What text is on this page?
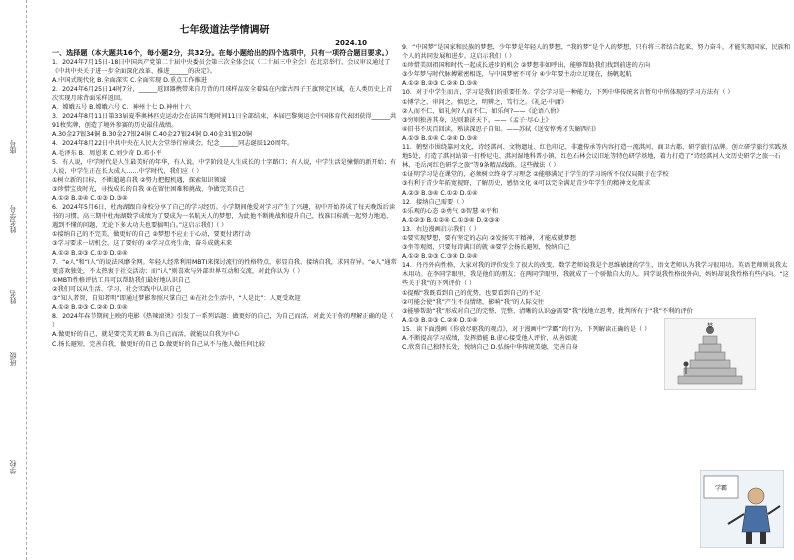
座号
姓名学号
姓名
班级
学校
七年级道法学情调研
2024.10
一、选择题（本大题共16个，每小题2分，共32分。在每小题给出的四个选项中，只有一项符合题目要求。）
1．2024年7月15日-18日中国共产党第二十届中央委员会第三次全体会议（二十届三中全会）在北京举行，会议审议通过了《中共中央关于进一步全面深化改革、推进______的决定》。
A.中国式现代化 B.全面深实 C.全面实现 D.重点工作推进
2．2024年6月25日14时7分，______返回器携带来自月背的月球样品安全着陆在内蒙古四子王旗预定区域，在人类历史上首次实现月球背面采样返回。
A．嫦娥五号 B.嫦娥六号 C．神州十七 D.神州十六
3．2024年8月11日第33届夏季奥林匹克运动会在法国当地时间11日全部结束，本届巴黎奥运会中国体育代表团获得______共91枚奖牌，创造了境外参赛的历史最佳战绩。
A.30金27银34铜 B.30金27银24铜 C.40金27银24铜 D.40金31银20铜
4．2024年8月22日中共中央在人民大会堂举行座谈会，纪念______同志诞辰120周年。
A.毛泽东 B．周恩来 C.刘少奇 D.邓小平
5．有人说，中学时代是人生最美好的年华，有人说，中学阶段是人生成长的十字路口；有人说，中学生活是憧憬的新开始；有人说，中学生正在长大成人……中学时代，我们应（ ）
①树立新的目标，不断超越自我 ②努力把握机遇，探索知识领域
③珍惜宝贵时光，寻找成长的自我 ④在留住困难和挑战，争做完美自己
A.①② B.②④ C.①③ D.③④
6．2024年5月6日，杜海湖跟自身校分享了自己的学习经历。小学期间他爱对学习产生了兴趣，初中开始养成了每天晚饭后读书的习惯。高三期中杜海湖数学成绩为了要成为一名航天人的梦想，为此他不断挑战和提升自己，找准目标就一起努力地追，遇到不懂的问题，无论下多大功夫也要搞明白。”这启示我们（ ）
①接纳自己的不完美，做更好的自己 ②梦想不应止于心动，要更付诸行动
③学习要求一切机会，这了要好的 ④学习点亮生命，奋斗成就未来
A.①② B.②③ C.①③ D.②④
7．“e人”和“I人”的说法风靡全网。年轻人经常利用MBTI来探讨流行的性格特点，彰显自我、接纳自我，求同存异。“e人”通常更喜欢独处，不太热衷于社交活动；而“i人”则喜欢与外部世界互动和交流，对此你认为（ ）
①MBTI性格评估工具可以帮助我们最好地认识自己
②我们可以从生活、学习、社会实践中认识自己
③“知人者智，自知者明”即通过梦影参照尺掌自己 ④在社会生活中，“人是比”：人更受欢迎
A.①② B.②③ C.②④ D.①④
8．2024年春节期间上映的电影《热辣滚烫》引发了一系列话题：做更好的自己，为自己而活，对此关于你的理解正确的是（ ）
A.做更好的自己，就是要完美无瑕 B.为自己而活，就能以自我为中心
C.扬长避短，完善自我，做更好的自己 D.做更好的自己从不与他人做任何比较
9．“中国梦”是国家和民族的梦想，少年梦是年轻人的梦想，“我的梦”是个人的梦想，只有将三者结合起来，努力奋斗，才能实现国家、民族和个人的共同发展和进步。这启示我们（ ）
①珍惜美回祖国和时代一起成长进步的机会 ②梦想非如呼出，能够帮助我们找到前进的方向
③少年梦与时代脉搏紧密相连，与中国梦密不可分 ④少年要主动立足现在，扬帆起航
A.①② B.②③ C.②④ D.③④
10．对于中学生而言，学习是我们的重要任务。学会学习是一种能力，下列中华传统名言暂句中所体现的学习方法有（ ）
①博学之，审问之，慎思之，明辨之，笃行之。《礼记·中庸》
②人而不仁，如礼何?人而不仁，如乐何?——《论语八佾》
③穷则独善其身，达则兼济天下。——《孟子·尽心上》
④旧书不厌百回读，熟读深思子自知。——苏轼《送安惇秀才失解西归》
A.①③ B.①④ C.②④ D.③④
11．鹤壁市围绕靠河文化，诗经淇河、文物遗址、红色印记、非遗传承等内容打造一流淇河、商卫古都、研学旅行品牌。创立研学旅行实践基地5处，打造了淇河站第一打桥尼屯、淇河湿地科普小镇、红色石林会议旧址等特色研学基地，着力打造了“诗经淇河人文历史研学之旅一石林、毛岳河红色研学之旅”等9条精品线路。这些做法（ ）
①证明学习是在课堂的，必须树立终身学习理念 ②能够满足于学生的学习场所不仅仅局限于在学校
③有利于青少年拓宽视野，了解历史，感悟文化 ④可以完全满足青少年学生的精神文化需求
A.②③ B.③④ C.①② D.①④
12．接纳自己需要（ ）
①乐观的心态 ②勇气 ③智慧 ④平和
A.①②③ B.①②④ C.①③④ D.②③④
13．右边漫画启示我们（ ）
①要实现梦想，要有坚定的志向 ②发扬实干精神，才能成就梦想
③坐等观阅，只要每诗满目的就 ④要学会扬长避短，悦纳自己
A.①② B.②③ C.③④ D.②④
14．丹丹外向性格，大家对我的评价发生了很大的改变，数学老师说我是个思维敏捷的学生，语文老师认为我学习很用功。英语老师则说我太木用功。在李同学眼里，我是他们的朋友；在两同学眼里，我就成了一个骄傲自大的人。同学说我性格很外向，妈妈却说我性格有些内向。“这些关于我”的下列评价（ ）
①提醒“我既看到自己的优势，也要看到自己的不足
②可能会使“我”产生不良情绪，影响“我”的人际交往
③能够帮助“我”形成对自己的完整、完整、清晰的认识@需要“我”找地立思考，批判所有于“我”不利的评价
A.①③ B.②③ C.②④ D.①④
15．读下面漫画《你放尽驱我的观点》，对于漫画中“学霸”的行为，下列解读正确的是（ ）
A.不断提高学习成绩，发挥潜能 B.虚心接受他人评价，从善如流
C.欣赏自己独特长处，悦纳自己 D.弘扬中华传统美德，完善自身
梦
学霸
